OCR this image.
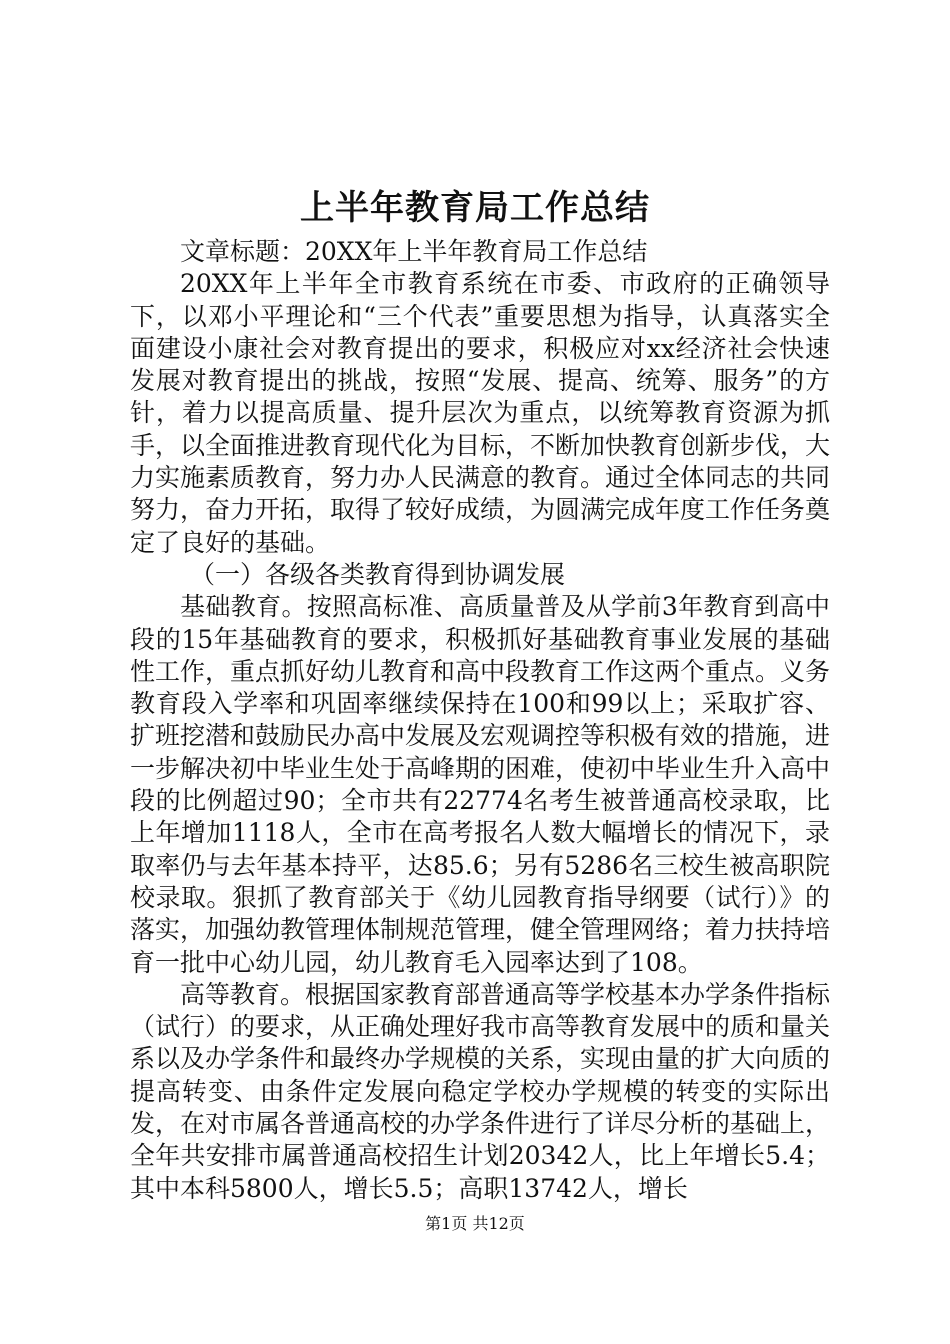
上半年教育局工作总结

文章标题：20XX年上半年教育局工作总结

20XX年上半年全市教育系统在市委、市政府的正确领导下，以邓小平理论和“三个代表”重要思想为指导，认真落实全面建设小康社会对教育提出的要求，积极应对xx经济社会快速发展对教育提出的挑战，按照“发展、提高、统筹、服务”的方针，着力以提高质量、提升层次为重点，以统筹教育资源为抓手，以全面推进教育现代化为目标，不断加快教育创新步伐，大力实施素质教育，努力办人民满意的教育。通过全体同志的共同努力，奋力开拓，取得了较好成绩，为圆满完成年度工作任务奠定了良好的基础。

（一）各级各类教育得到协调发展

基础教育。按照高标准、高质量普及从学前3年教育到高中段的15年基础教育的要求，积极抓好基础教育事业发展的基础性工作，重点抓好幼儿教育和高中段教育工作这两个重点。义务教育段入学率和巩固率继续保持在100和99以上；采取扩容、扩班挖潜和鼓励民办高中发展及宏观调控等积极有效的措施，进一步解决初中毕业生处于高峰期的困难，使初中毕业生升入高中段的比例超过90；全市共有22774名考生被普通高校录取，比上年增加1118人，全市在高考报名人数大幅增长的情况下，录取率仍与去年基本持平，达85.6；另有5286名三校生被高职院校录取。狠抓了教育部关于《幼儿园教育指导纲要（试行）》的落实，加强幼教管理体制规范管理，健全管理网络；着力扶持培育一批中心幼儿园，幼儿教育毛入园率达到了108。

高等教育。根据国家教育部普通高等学校基本办学条件指标（试行）的要求，从正确处理好我市高等教育发展中的质和量关系以及办学条件和最终办学规模的关系，实现由量的扩大向质的提高转变、由条件定发展向稳定学校办学规模的转变的实际出发，在对市属各普通高校的办学条件进行了详尽分析的基础上，全年共安排市属普通高校招生计划20342人，比上年增长5.4；其中本科5800人，增长5.5；高职13742人，增长

第1页 共12页
